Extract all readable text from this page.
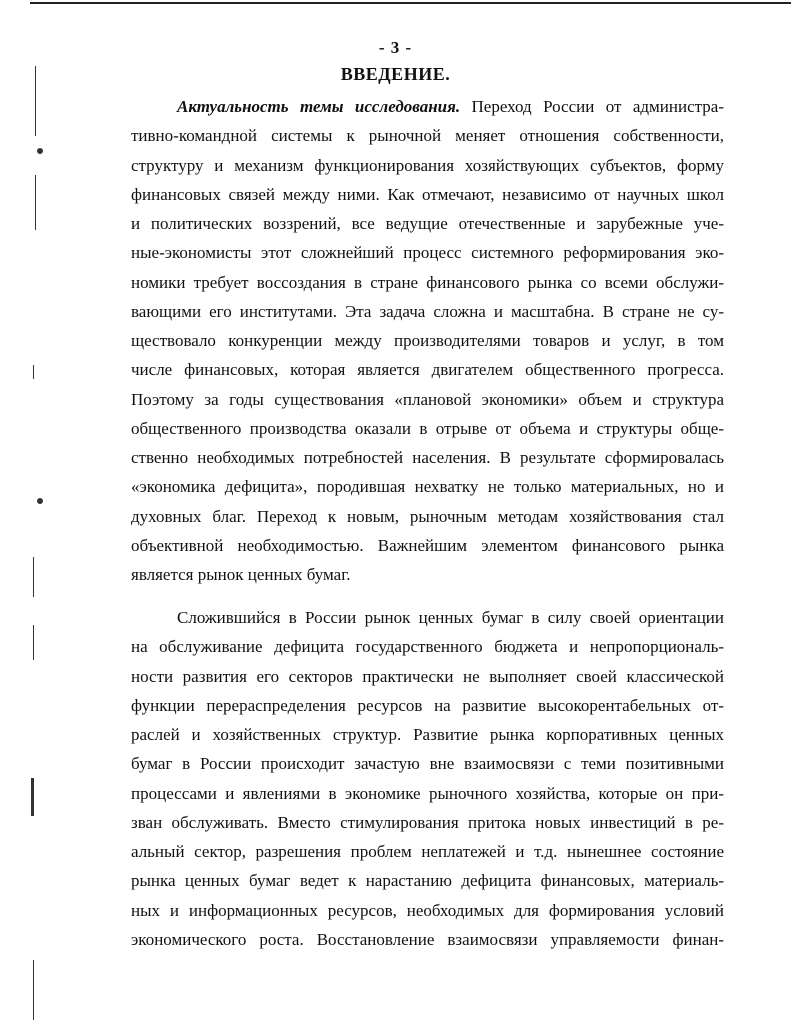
- 3 -
ВВЕДЕНИЕ.
Актуальность темы исследования. Переход России от администра-
тивно-командной системы к рыночной меняет отношения собственности,
структуру и механизм функционирования хозяйствующих субъектов, форму
финансовых связей между ними. Как отмечают, независимо от научных школ
и политических воззрений, все ведущие отечественные и зарубежные уче-
ные-экономисты этот сложнейший процесс системного реформирования эко-
номики требует воссоздания в стране финансового рынка со всеми обслужи-
вающими его институтами. Эта задача сложна и масштабна. В стране не су-
ществовало конкуренции между производителями товаров и услуг, в том
числе финансовых, которая является двигателем общественного прогресса.
Поэтому за годы существования «плановой экономики» объем и структура
общественного производства оказали в отрыве от объема и структуры обще-
ственно необходимых потребностей населения. В результате сформировалась
«экономика дефицита», породившая нехватку не только материальных, но и
духовных благ. Переход к новым, рыночным методам хозяйствования стал
объективной необходимостью. Важнейшим элементом финансового рынка
является рынок ценных бумаг.
Сложившийся в России рынок ценных бумаг в силу своей ориентации
на обслуживание дефицита государственного бюджета и непропорциональ-
ности развития его секторов практически не выполняет своей классической
функции перераспределения ресурсов на развитие высокорентабельных от-
раслей и хозяйственных структур. Развитие рынка корпоративных ценных
бумаг в России происходит зачастую вне взаимосвязи с теми позитивными
процессами и явлениями в экономике рыночного хозяйства, которые он при-
зван обслуживать. Вместо стимулирования притока новых инвестиций в ре-
альный сектор, разрешения проблем неплатежей и т.д. нынешнее состояние
рынка ценных бумаг ведет к нарастанию дефицита финансовых, материаль-
ных и информационных ресурсов, необходимых для формирования условий
экономического роста. Восстановление взаимосвязи управляемости финан-
